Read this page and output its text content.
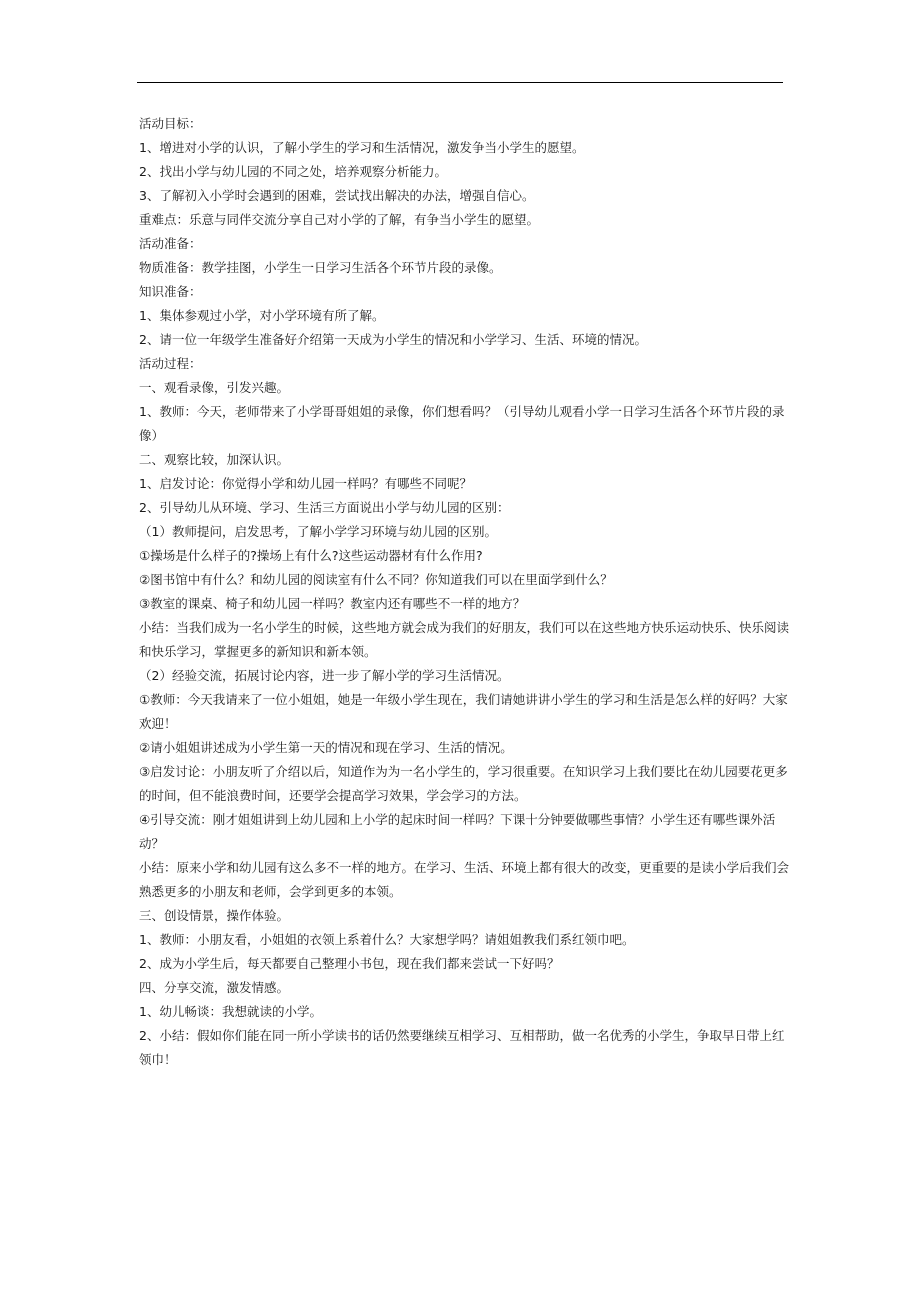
活动目标：

1、增进对小学的认识，了解小学生的学习和生活情况，激发争当小学生的愿望。

2、找出小学与幼儿园的不同之处，培养观察分析能力。

3、了解初入小学时会遇到的困难，尝试找出解决的办法，增强自信心。

重难点：乐意与同伴交流分享自己对小学的了解，有争当小学生的愿望。

活动准备：

物质准备：教学挂图，小学生一日学习生活各个环节片段的录像。

知识准备：

1、集体参观过小学，对小学环境有所了解。

2、请一位一年级学生准备好介绍第一天成为小学生的情况和小学学习、生活、环境的情况。

活动过程：

一、观看录像，引发兴趣。

1、教师：今天，老师带来了小学哥哥姐姐的录像，你们想看吗？（引导幼儿观看小学一日学习生活各个环节片段的录

像）

二、观察比较，加深认识。

1、启发讨论：你觉得小学和幼儿园一样吗？有哪些不同呢？

2、引导幼儿从环境、学习、生活三方面说出小学与幼儿园的区别：

（1）教师提问，启发思考，了解小学学习环境与幼儿园的区别。

①操场是什么样子的?操场上有什么?这些运动器材有什么作用?

②图书馆中有什么？和幼儿园的阅读室有什么不同？你知道我们可以在里面学到什么？

③教室的课桌、椅子和幼儿园一样吗？教室内还有哪些不一样的地方？

小结：当我们成为一名小学生的时候，这些地方就会成为我们的好朋友，我们可以在这些地方快乐运动快乐、快乐阅读

和快乐学习，掌握更多的新知识和新本领。

（2）经验交流，拓展讨论内容，进一步了解小学的学习生活情况。

①教师：今天我请来了一位小姐姐，她是一年级小学生现在，我们请她讲讲小学生的学习和生活是怎么样的好吗？大家

欢迎！

②请小姐姐讲述成为小学生第一天的情况和现在学习、生活的情况。

③启发讨论：小朋友听了介绍以后，知道作为为一名小学生的，学习很重要。在知识学习上我们要比在幼儿园要花更多

的时间，但不能浪费时间，还要学会提高学习效果，学会学习的方法。

④引导交流：刚才姐姐讲到上幼儿园和上小学的起床时间一样吗？下课十分钟要做哪些事情？小学生还有哪些课外活

动？

小结：原来小学和幼儿园有这么多不一样的地方。在学习、生活、环境上都有很大的改变，更重要的是读小学后我们会

熟悉更多的小朋友和老师，会学到更多的本领。

三、创设情景，操作体验。

1、教师：小朋友看，小姐姐的衣领上系着什么？大家想学吗？请姐姐教我们系红领巾吧。

2、成为小学生后，每天都要自己整理小书包，现在我们都来尝试一下好吗？

四、分享交流，激发情感。

1、幼儿畅谈：我想就读的小学。

2、小结：假如你们能在同一所小学读书的话仍然要继续互相学习、互相帮助，做一名优秀的小学生，争取早日带上红

领巾！
